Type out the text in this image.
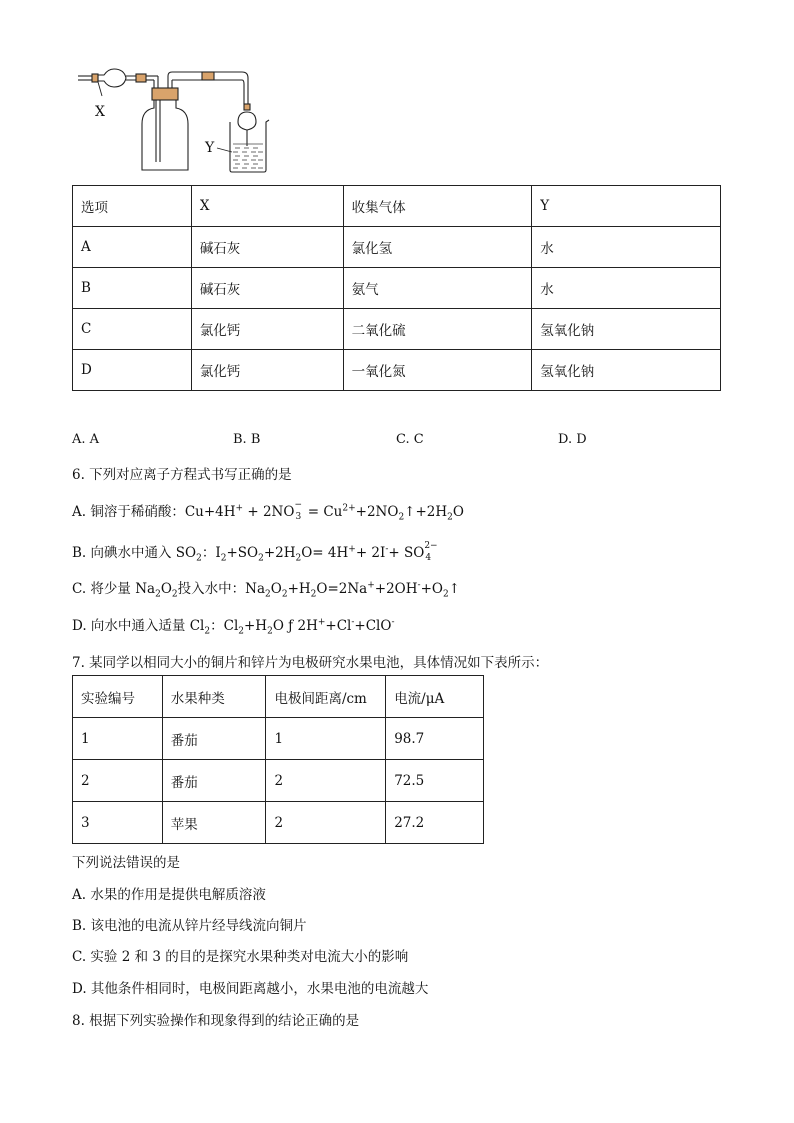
X
Y
选项	X	收集气体	Y
A	碱石灰	氯化氢	水
B	碱石灰	氨气	水
C	氯化钙	二氧化硫	氢氧化钠
D	氯化钙	一氧化氮	氢氧化钠
A. A	B. B	C. C	D. D
6. 下列对应离子方程式书写正确的是
A. 铜溶于稀硝酸：Cu+4H+ + 2NO −
$3 = Cu^{2+}+2NO_2↑+2H_2O$
B. 向碘水中通入 $SO_2$：$I_2+SO_2+2H_2O= 4H^++ 2I^-+$ SO 2−
4
C. 将少量 $Na_2O_2$投入水中：$Na_2O_2+H_2O=2Na^++2OH^-+O_2↑$
D. 向水中通入适量 $Cl_2$：$Cl_2+H_2O$ ƒ 2H++Cl-+ClO-
7. 某同学以相同大小的铜片和锌片为电极研究水果电池，具体情况如下表所示：
实验编号	水果种类	电极间距离/cm	电流/μA
1	番茄	1	98.7
2	番茄	2	72.5
3	苹果	2	27.2
下列说法错误的是
A. 水果的作用是提供电解质溶液
B. 该电池的电流从锌片经导线流向铜片
C. 实验 2 和 3 的目的是探究水果种类对电流大小的影响
D. 其他条件相同时，电极间距离越小，水果电池的电流越大
8. 根据下列实验操作和现象得到的结论正确的是
